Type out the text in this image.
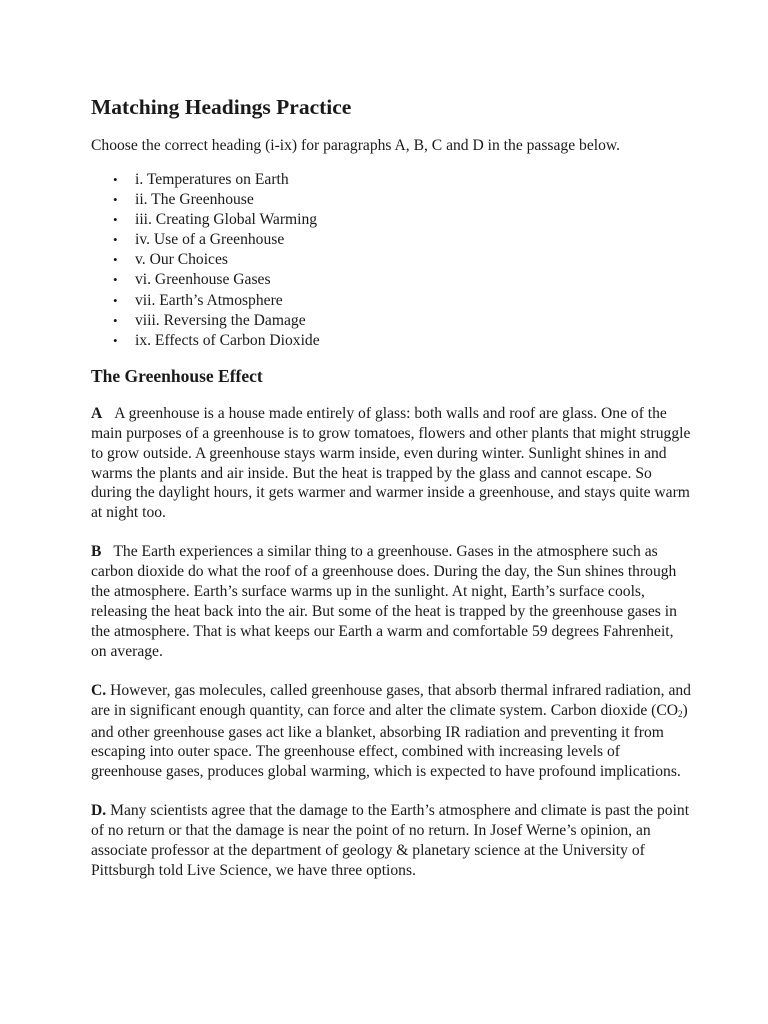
Matching Headings Practice

Choose the correct heading (i-ix) for paragraphs A, B, C and D in the passage below.

• i. Temperatures on Earth
• ii. The Greenhouse
• iii. Creating Global Warming
• iv. Use of a Greenhouse
• v. Our Choices
• vi. Greenhouse Gases
• vii. Earth’s Atmosphere
• viii. Reversing the Damage
• ix. Effects of Carbon Dioxide
The Greenhouse Effect

A A greenhouse is a house made entirely of glass: both walls and roof are glass. One of the main purposes of a greenhouse is to grow tomatoes, flowers and other plants that might struggle to grow outside. A greenhouse stays warm inside, even during winter. Sunlight shines in and warms the plants and air inside. But the heat is trapped by the glass and cannot escape. So during the daylight hours, it gets warmer and warmer inside a greenhouse, and stays quite warm at night too.

B The Earth experiences a similar thing to a greenhouse. Gases in the atmosphere such as carbon dioxide do what the roof of a greenhouse does. During the day, the Sun shines through the atmosphere. Earth’s surface warms up in the sunlight. At night, Earth’s surface cools, releasing the heat back into the air. But some of the heat is trapped by the greenhouse gases in the atmosphere. That is what keeps our Earth a warm and comfortable 59 degrees Fahrenheit, on average.

C. However, gas molecules, called greenhouse gases, that absorb thermal infrared radiation, and are in significant enough quantity, can force and alter the climate system. Carbon dioxide $(CO_2)$ and other greenhouse gases act like a blanket, absorbing IR radiation and preventing it from escaping into outer space. The greenhouse effect, combined with increasing levels of greenhouse gases, produces global warming, which is expected to have profound implications.

D. Many scientists agree that the damage to the Earth’s atmosphere and climate is past the point of no return or that the damage is near the point of no return. In Josef Werne’s opinion, an associate professor at the department of geology & planetary science at the University of Pittsburgh told Live Science, we have three options.
